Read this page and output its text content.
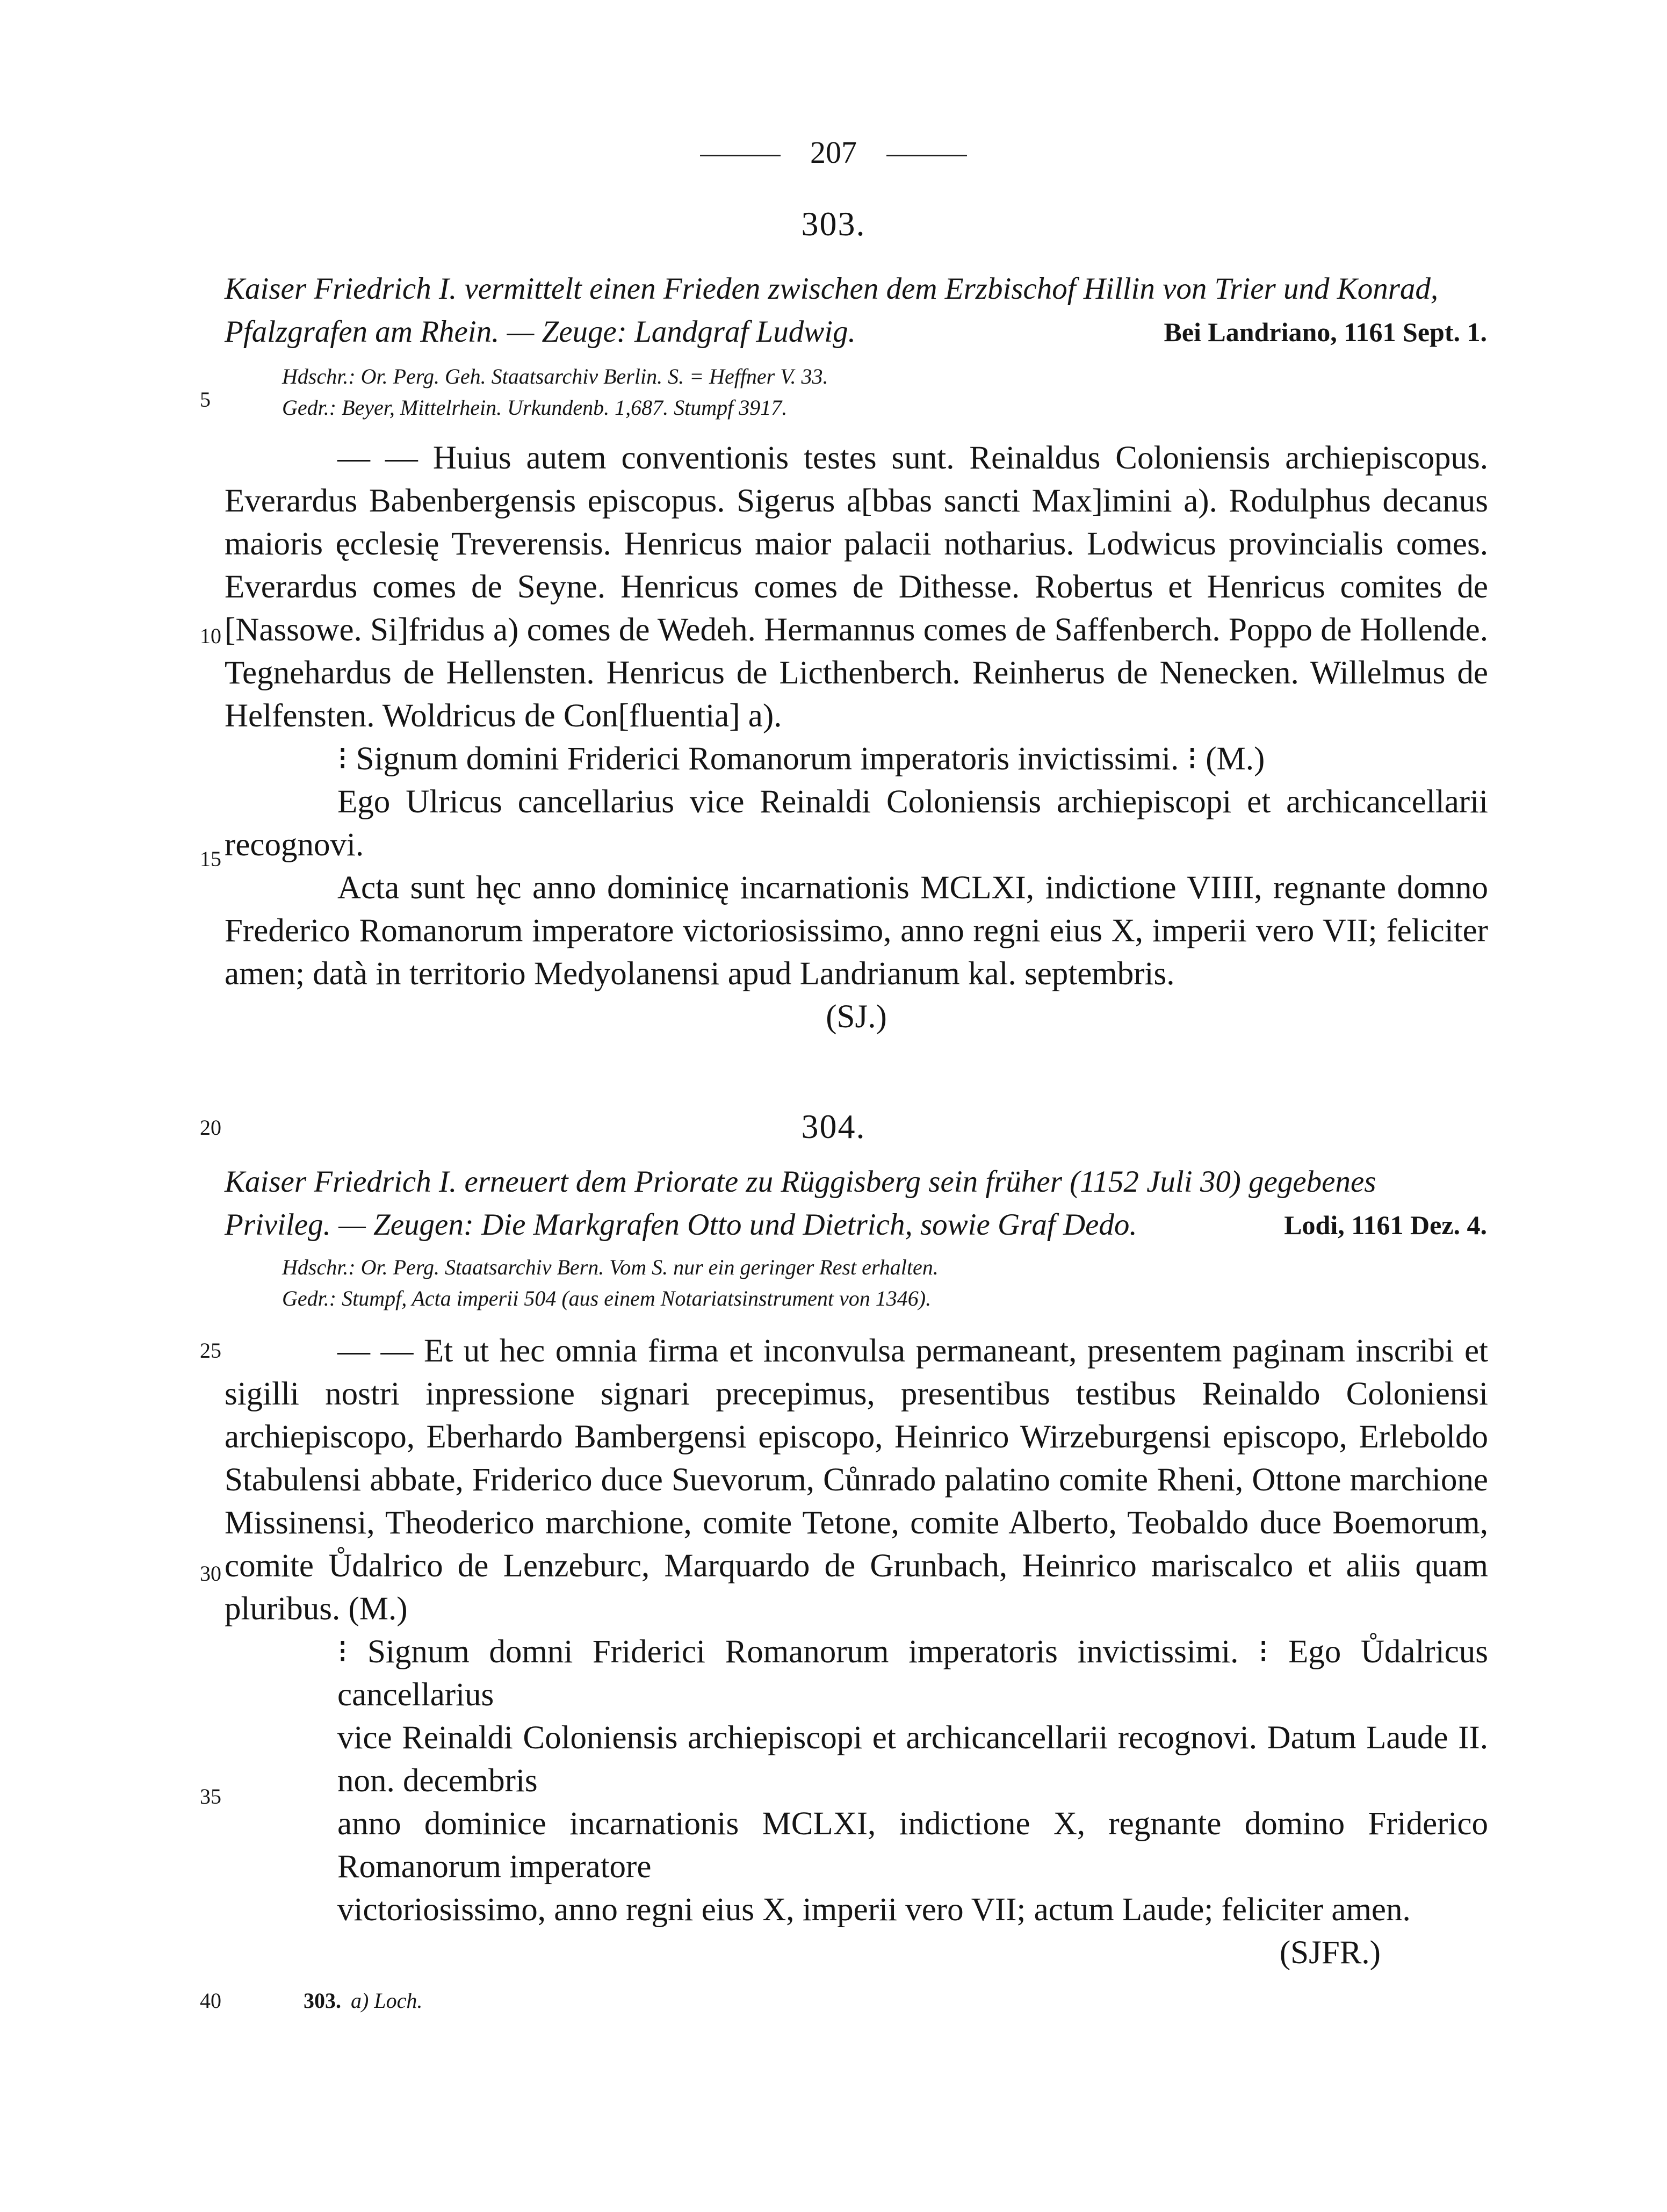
207
303.
Kaiser Friedrich I. vermittelt einen Frieden zwischen dem Erzbischof Hillin von Trier und Konrad,
Pfalzgrafen am Rhein. — Zeuge: Landgraf Ludwig.	Bei Landriano, 1161 Sept. 1.
Hdschr.: Or. Perg. Geh. Staatsarchiv Berlin. S. = Heffner V. 33.
Gedr.: Beyer, Mittelrhein. Urkundenb. 1,687. Stumpf 3917.

— — Huius autem conventionis testes sunt. Reinaldus Coloniensis archiepiscopus. Everardus Babenbergensis episcopus. Sigerus a[bbas sancti Max]imini a). Rodulphus decanus maioris ęcclesię Treverensis. Henricus maior palacii notharius. Lodwicus provincialis comes. Everardus comes de Seyne. Henricus comes de Dithesse. Robertus et Henricus comites de [Nassowe. Si]fridus a) comes de Wedeh. Hermannus comes de Saffenberch. Poppo de Hollende. Tegnehardus de Hellensten. Henricus de Licthenberch. Reinherus de Nenecken. Willelmus de Helfensten. Woldricus de Con[fluentia] a).

⁝ Signum domini Friderici Romanorum imperatoris invictissimi. ⁝ (M.)

Ego Ulricus cancellarius vice Reinaldi Coloniensis archiepiscopi et archicancellarii recognovi.

Acta sunt hęc anno dominicę incarnationis MCLXI, indictione VIIII, regnante domno Frederico Romanorum imperatore victoriosissimo, anno regni eius X, imperii vero VII; feliciter amen; datà in territorio Medyolanensi apud Landrianum kal. septembris.

(SJ.)

304.
Kaiser Friedrich I. erneuert dem Priorate zu Rüggisberg sein früher (1152 Juli 30) gegebenes
Privileg. — Zeugen: Die Markgrafen Otto und Dietrich, sowie Graf Dedo.	Lodi, 1161 Dez. 4.
Hdschr.: Or. Perg. Staatsarchiv Bern. Vom S. nur ein geringer Rest erhalten.
Gedr.: Stumpf, Acta imperii 504 (aus einem Notariatsinstrument von 1346).

— — Et ut hec omnia firma et inconvulsa permaneant, presentem paginam inscribi et sigilli nostri inpressione signari precepimus, presentibus testibus Reinaldo Coloniensi archiepiscopo, Eberhardo Bambergensi episcopo, Heinrico Wirzeburgensi episcopo, Erleboldo Stabulensi abbate, Friderico duce Suevorum, Cůnrado palatino comite Rheni, Ottone marchione Missinensi, Theoderico marchione, comite Tetone, comite Alberto, Teobaldo duce Boemorum, comite Ůdalrico de Lenzeburc, Marquardo de Grunbach, Heinrico mariscalco et aliis quam pluribus. (M.)

⁝ Signum domni Friderici Romanorum imperatoris invictissimi. ⁝ Ego Ůdalricus cancellarius

vice Reinaldi Coloniensis archiepiscopi et archicancellarii recognovi. Datum Laude II. non. decembris

anno dominice incarnationis MCLXI, indictione X, regnante domino Friderico Romanorum imperatore

victoriosissimo, anno regni eius X, imperii vero VII; actum Laude; feliciter amen.

(SJFR.)

5
10
15
20
25
30
35
40	303. a) Loch.
